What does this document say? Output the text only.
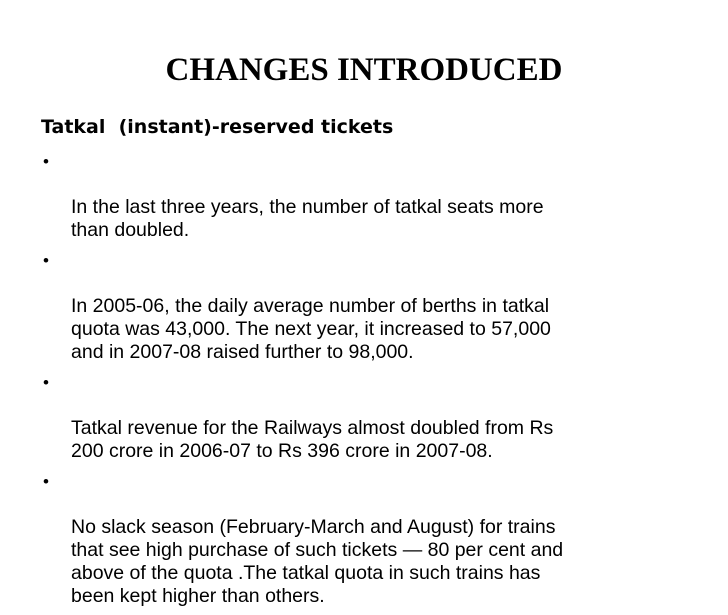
CHANGES INTRODUCED
Tatkal  (instant)-reserved tickets

•

In the last three years, the number of tatkal seats more
than doubled.

•

In 2005-06, the daily average number of berths in tatkal
quota was 43,000. The next year, it increased to 57,000
and in 2007-08 raised further to 98,000.

•

Tatkal revenue for the Railways almost doubled from Rs
200 crore in 2006-07 to Rs 396 crore in 2007-08.

•

No slack season (February-March and August) for trains
that see high purchase of such tickets — 80 per cent and
above of the quota .The tatkal quota in such trains has
been kept higher than others.
